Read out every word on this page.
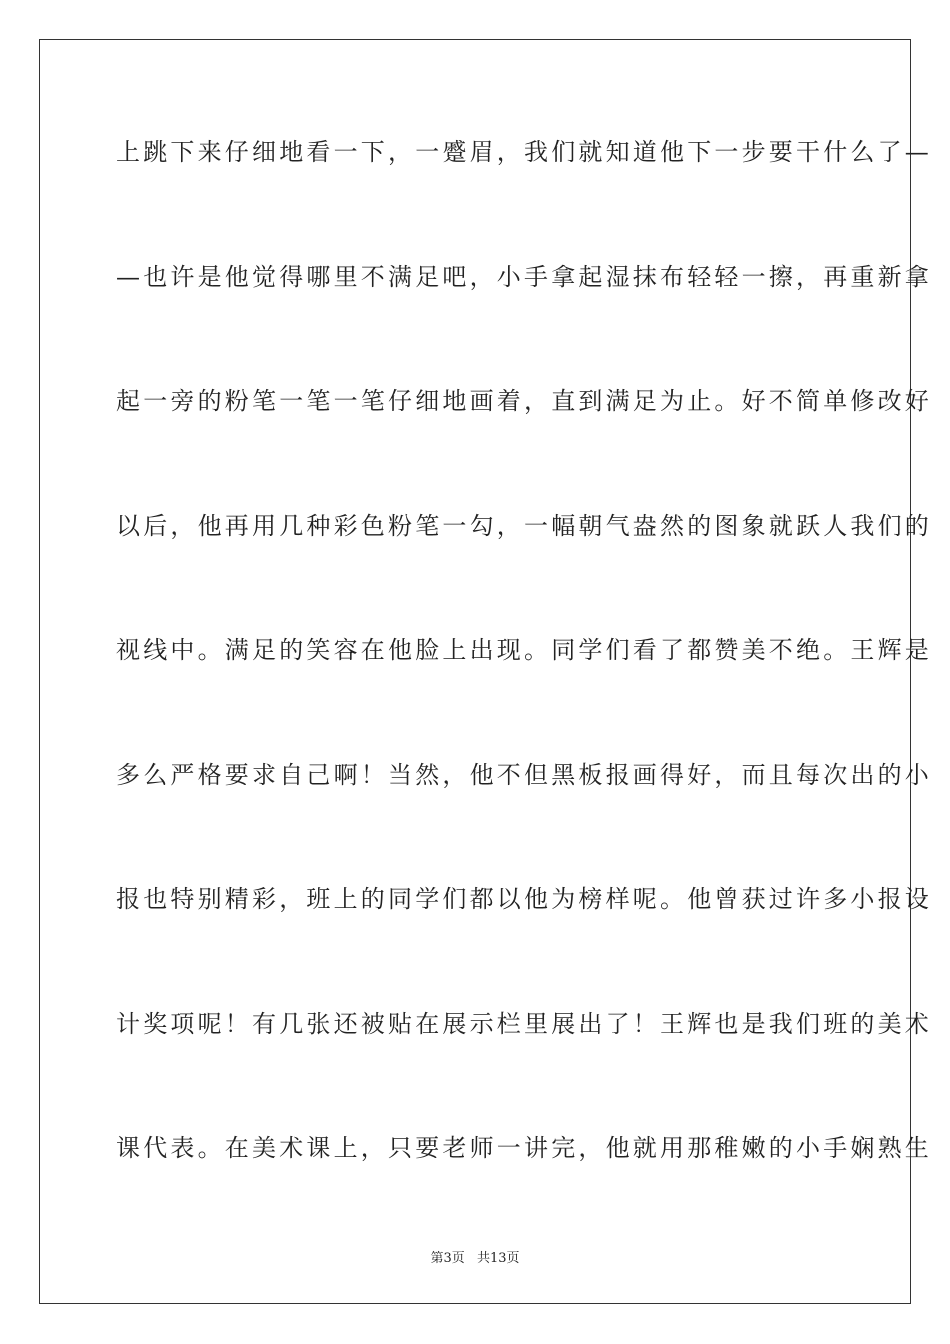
上跳下来仔细地看一下，一蹙眉，我们就知道他下一步要干什么了—
—也许是他觉得哪里不满足吧，小手拿起湿抹布轻轻一擦，再重新拿
起一旁的粉笔一笔一笔仔细地画着，直到满足为止。好不简单修改好
以后，他再用几种彩色粉笔一勾，一幅朝气盎然的图象就跃人我们的
视线中。满足的笑容在他脸上出现。同学们看了都赞美不绝。王辉是
多么严格要求自己啊！当然，他不但黑板报画得好，而且每次出的小
报也特别精彩，班上的同学们都以他为榜样呢。他曾获过许多小报设
计奖项呢！有几张还被贴在展示栏里展出了！王辉也是我们班的美术
课代表。在美术课上，只要老师一讲完，他就用那稚嫩的小手娴熟生
第3页 共13页
